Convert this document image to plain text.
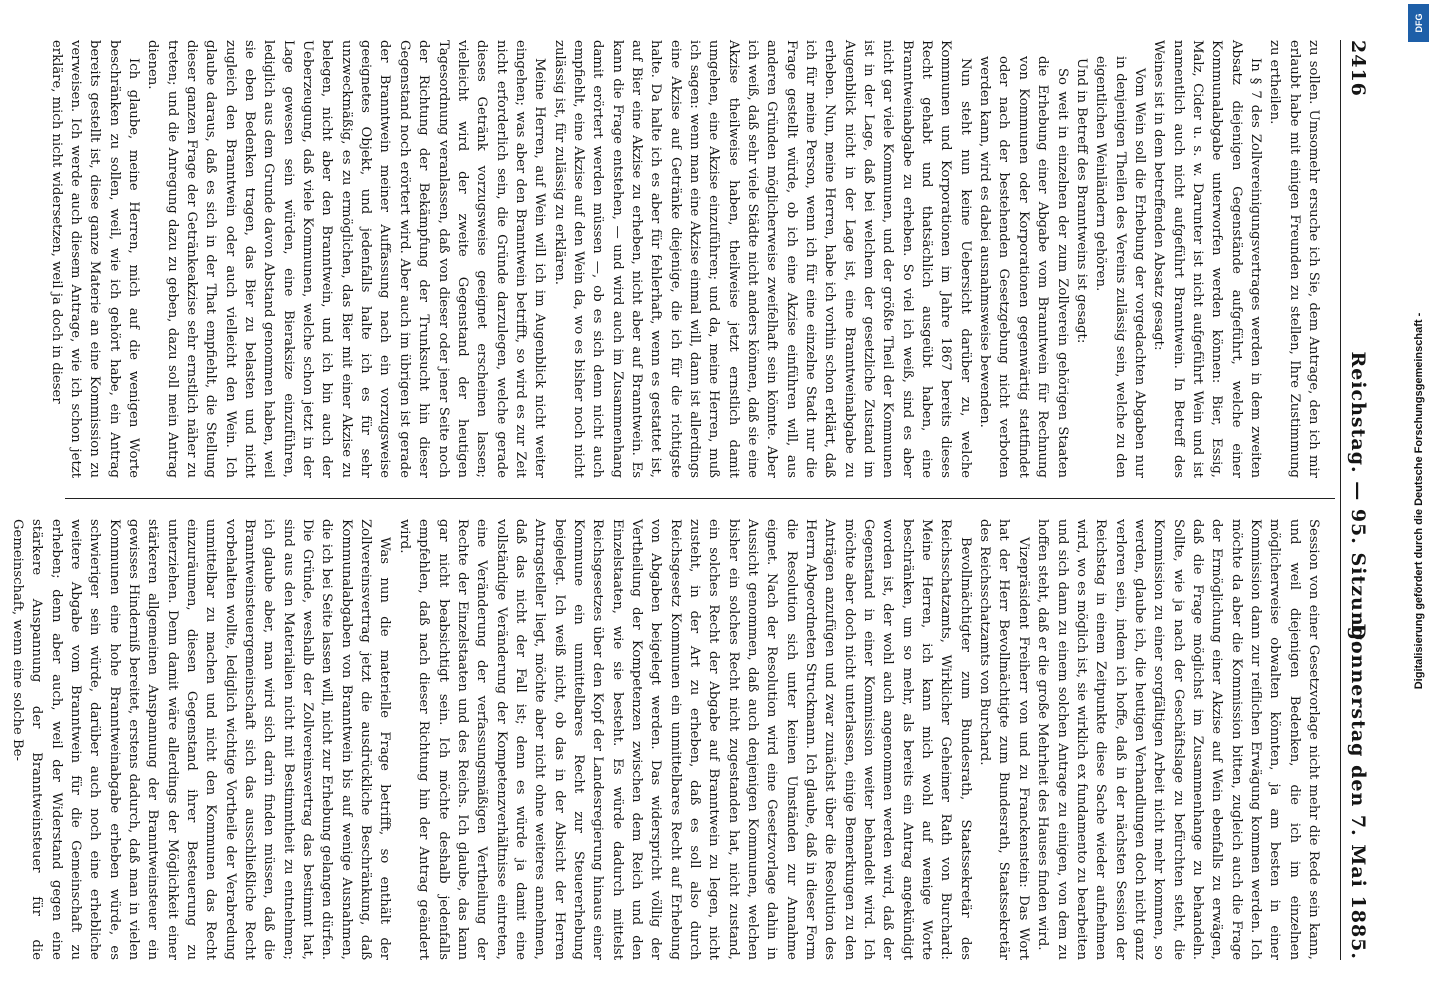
2416
Reichstag. — 95. Sitzung.
Donnerstag den 7. Mai 1885.

zu sollen. Umsomehr ersuche ich Sie, dem Antrage, den ich mir erlaubt habe mit einigen Freunden zu stellen, Ihre Zustimmung zu ertheilen.

In § 7 des Zollvereinigungsvertrages werden in dem zweiten Absatz diejenigen Gegenstände aufgeführt, welche einer Kommunalabgabe unterworfen werden können: Bier, Essig, Malz, Cider u. s. w. Darunter ist nicht aufgeführt Wein und ist namentlich auch nicht aufgeführt Branntwein. In Betreff des Weines ist in dem betreffenden Absatz gesagt:

Vom Wein soll die Erhebung der vorgedachten Abgaben nur in denjenigen Theilen des Vereins zulässig sein, welche zu den eigentlichen Weinländern gehören.

Und in Betreff des Branntweins ist gesagt:

So weit in einzelnen der zum Zollverein gehörigen Staaten die Erhebung einer Abgabe vom Branntwein für Rechnung von Kommunen oder Korporationen gegenwärtig stattfindet oder nach der bestehenden Gesetzgebung nicht verboten werden kann, wird es dabei ausnahmsweise bewenden.

Nun steht nun keine Uebersicht darüber zu, welche Kommunen und Korporationen im Jahre 1867 bereits dieses Recht gehabt und thatsächlich ausgeübt haben, eine Branntweinabgabe zu erheben. So viel ich weiß, sind es aber nicht gar viele Kommunen, und der größte Theil der Kommunen ist in der Lage, daß bei welchem der gesetzliche Zustand im Augenblick nicht in der Lage ist, eine Branntweinabgabe zu erheben. Nun, meine Herren, habe ich vorhin schon erklärt, daß ich für meine Person, wenn ich für eine einzelne Stadt nur die Frage gestellt würde, ob ich eine Akzise einführen will, aus anderen Gründen möglicherweise zweifelhaft sein könnte. Aber ich weiß, daß sehr viele Städte nicht anders können, daß sie eine Akzise theilweise haben, theilweise jetzt ernstlich damit umgehen, eine Akzise einzuführen; und da, meine Herren, muß ich sagen: wenn man eine Akzise einmal will, dann ist allerdings eine Akzise auf Getränke diejenige, die ich für die richtigste halte. Da halte ich es aber für fehlerhaft, wenn es gestattet ist, auf Bier eine Akzise zu erheben, nicht aber auf Branntwein. Es kann die Frage entstehen, — und wird auch im Zusammenhang damit erörtert werden müssen —, ob es sich denn nicht auch empfiehlt, eine Akzise auf den Wein da, wo es bisher noch nicht zulässig ist, für zulässig zu erklären.

Meine Herren, auf Wein will ich im Augenblick nicht weiter eingehen; was aber den Branntwein betrifft, so wird es zur Zeit nicht erforderlich sein, die Gründe darzulegen, welche gerade dieses Getränk vorzugsweise geeignet erscheinen lassen; vielleicht wird der zweite Gegenstand der heutigen Tagesordnung veranlassen, daß von dieser oder jener Seite noch der Richtung der Bekämpfung der Trunksucht hin dieser Gegenstand noch erörtert wird. Aber auch im übrigen ist gerade der Branntwein meiner Auffassung nach ein vorzugsweise geeignetes Objekt, und jedenfalls halte ich es für sehr unzweckmäßig, es zu ermöglichen, das Bier mit einer Akzise zu belegen, nicht aber den Branntwein, und ich bin auch der Ueberzeugung, daß viele Kommunen, welche schon jetzt in der Lage gewesen sein würden, eine Bieraksize einzuführen, lediglich aus dem Grunde davon Abstand genommen haben, weil sie eben Bedenken tragen, das Bier zu belasten und nicht zugleich den Branntwein oder auch vielleicht den Wein. Ich glaube daraus, daß es sich in der That empfiehlt, die Stellung dieser ganzen Frage der Getränkeakzise sehr ernstlich näher zu treten; und die Anregung dazu zu geben, dazu soll mein Antrag dienen.

Ich glaube, meine Herren, mich auf die wenigen Worte beschränken zu sollen, weil, wie ich gehört habe, ein Antrag bereits gestellt ist, diese ganze Materie an eine Kommission zu verweisen. Ich werde auch diesem Antrage, wie ich schon jetzt erkläre, mich nicht widersetzen, weil ja doch in dieser

Session von einer Gesetzvorlage nicht mehr die Rede sein kann, und weil diejenigen Bedenken, die ich im einzelnen möglicherweise obwalten könnten, ja am besten in einer Kommission dann zur reiflichen Erwägung kommen werden. Ich möchte da aber die Kommission bitten, zugleich auch die Frage der Ermöglichung einer Akzise auf Wein ebenfalls zu erwägen, daß die Frage möglichst im Zusammenhange zu behandeln. Sollte, wie ja nach der Geschäftslage zu befürchten steht, die Kommission zu einer sorgfältigen Arbeit nicht mehr kommen, so werden, glaube ich, die heutigen Verhandlungen doch nicht ganz verloren sein, indem ich hoffe, daß in der nächsten Session der Reichstag in einem Zeitpunkte diese Sache wieder aufnehmen wird, wo es möglich ist, sie wirklich ex fundamento zu bearbeiten und sich dann zu einem solchen Antrage zu einigen, von dem zu hoffen steht, daß er die große Mehrheit des Hauses finden wird.

Vizepräsident Freiherr von und zu Franckenstein: Das Wort hat der Herr Bevollmächtigte zum Bundesrath, Staatssekretär des Reichsschatzamts von Burchard.

Bevollmächtigter zum Bundesrath, Staatssekretär des Reichsschatzamts, Wirklicher Geheimer Rath von Burchard: Meine Herren, ich kann mich wohl auf wenige Worte beschränken, um so mehr, als bereits ein Antrag angekündigt worden ist, der wohl auch angenommen werden wird, daß der Gegenstand in einer Kommission weiter behandelt wird. Ich möchte aber doch nicht unterlassen, einige Bemerkungen zu den Anträgen anzufügen und zwar zunächst über die Resolution des Herrn Abgeordneten Struckmann. Ich glaube, daß in dieser Form die Resolution sich unter keinen Umständen zur Annahme eignet. Nach der Resolution wird eine Gesetzvorlage dahin in Aussicht genommen, daß auch denjenigen Kommunen, welchen bisher ein solches Recht nicht zugestanden hat, nicht zustand, ein solches Recht der Abgabe auf Branntwein zu legen, nicht zusteht, in der Art zu erheben, daß es soll also durch Reichsgesetz Kommunen ein unmittelbares Recht auf Erhebung von Abgaben beigelegt werden. Das widerspricht völlig der Vertheilung der Kompetenzen zwischen dem Reich und den Einzelstaaten, wie sie besteht. Es würde dadurch mittelst Reichsgesetzes über den Kopf der Landesregierung hinaus einer Kommune ein unmittelbares Recht zur Steuererhebung beigelegt. Ich weiß nicht, ob das in der Absicht der Herren Antragsteller liegt, möchte aber nicht ohne weiteres annehmen, daß das nicht der Fall ist; denn es würde ja damit eine vollständige Veränderung der Kompetenzverhältnisse eintreten, eine Veränderung der verfassungsmäßigen Vertheilung der Rechte der Einzelstaaten und des Reichs. Ich glaube, das kann gar nicht beabsichtigt sein. Ich möchte deshalb jedenfalls empfehlen, daß nach dieser Richtung hin der Antrag geändert wird.

Was nun die materielle Frage betrifft, so enthält der Zollvereinsvertrag jetzt die ausdrückliche Beschränkung, daß Kommunalabgaben von Branntwein bis auf wenige Ausnahmen, die ich bei Seite lassen will, nicht zur Erhebung gelangen dürfen. Die Gründe, weshalb der Zollvereinsvertrag das bestimmt hat, sind aus den Materialien nicht mit Bestimmtheit zu entnehmen; ich glaube aber, man wird sich darin finden müssen, daß die Branntweinsteuergemeinschaft sich das ausschließliche Recht vorbehalten wollte, lediglich wichtige Vortheile der Verabredung unmittelbar zu machen und nicht den Kommunen das Recht einzuräumen, diesen Gegenstand ihrer Besteuerung zu unterziehen. Denn damit wäre allerdings der Möglichkeit einer stärkeren allgemeinen Anspannung der Branntweinsteuer ein gewisses Hinderniß bereitet, erstens dadurch, daß man in vielen Kommunen eine hohe Branntweinabgabe erheben würde, es schwieriger sein würde, darüber auch noch eine erhebliche weitere Abgabe vom Branntwein für die Gemeinschaft zu erheben; denn aber auch, weil der Widerstand gegen eine stärkere Anspannung der Branntweinsteuer für die Gemeinschaft, wenn eine solche Be-	Digitalisierung gefördert durch die Deutsche Forschungsgemeinschaft -
DFG
